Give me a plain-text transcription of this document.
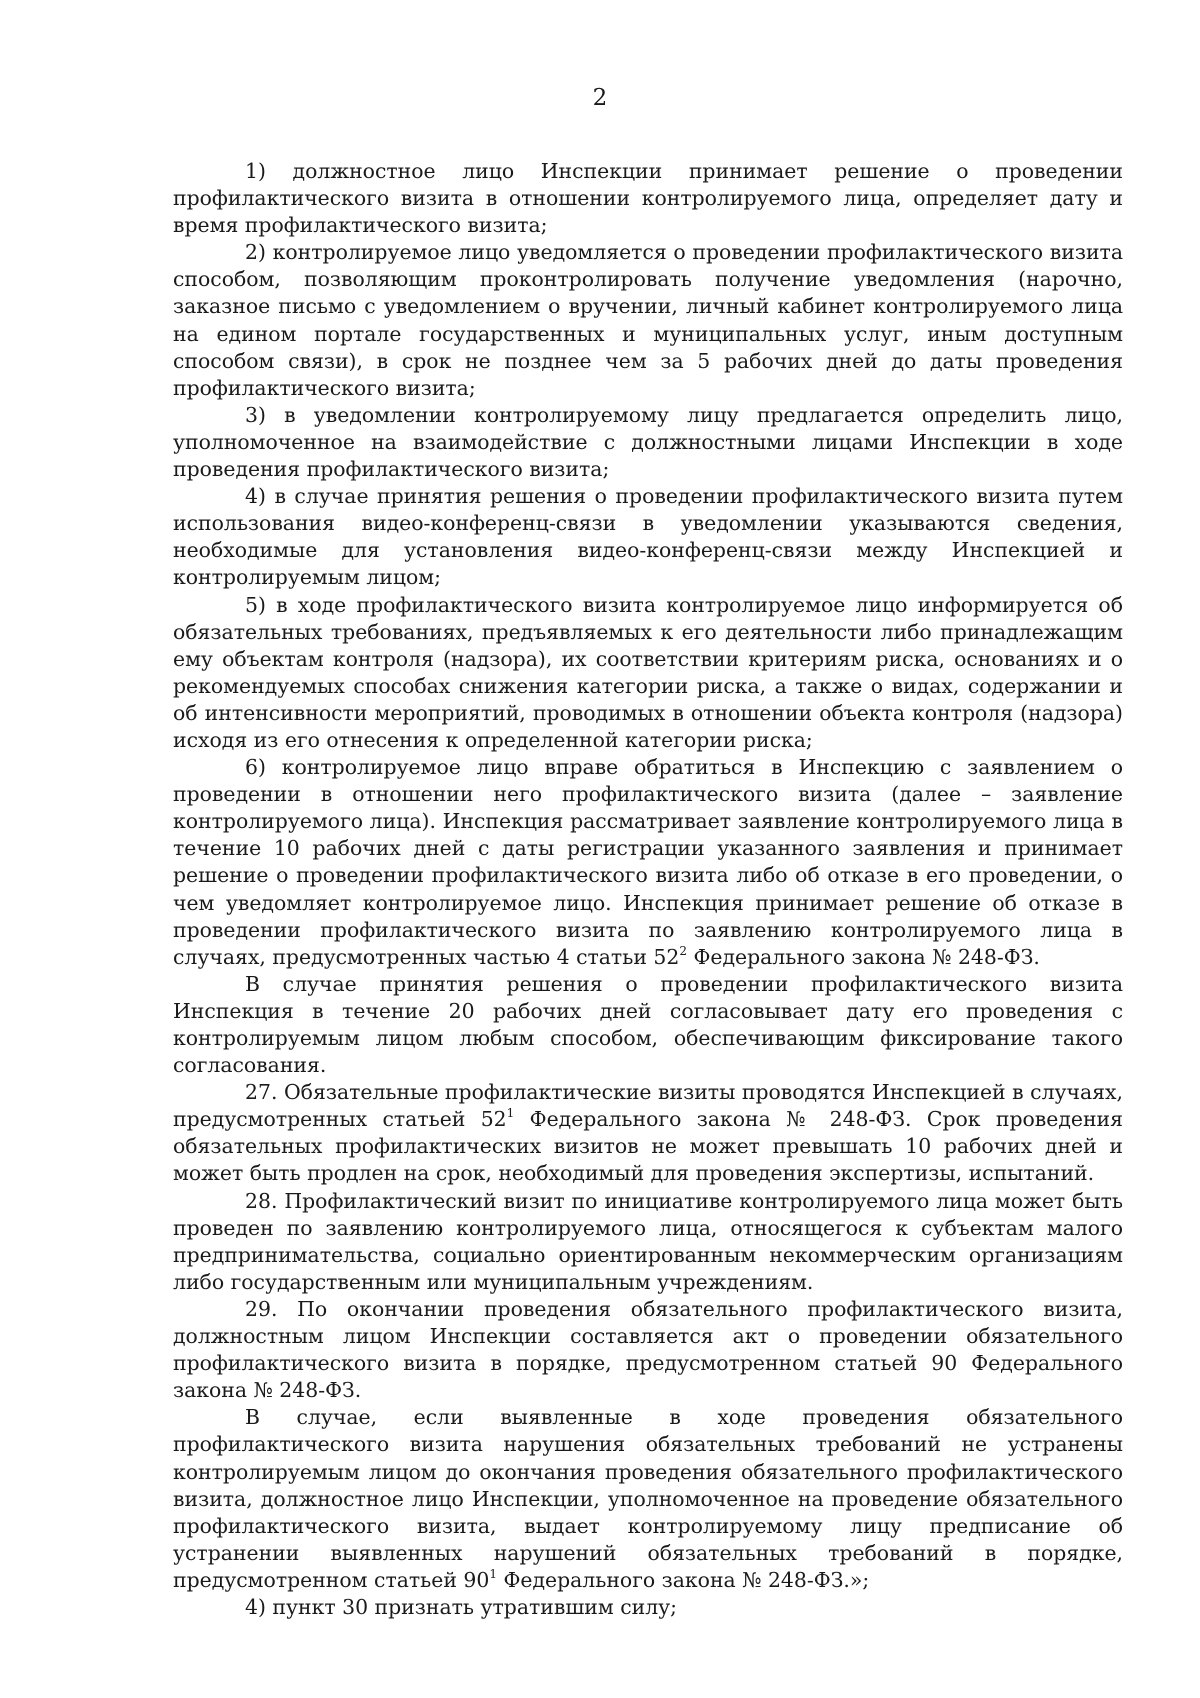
2

1) должностное лицо Инспекции принимает решение о проведении профилактического визита в отношении контролируемого лица, определяет дату и время профилактического визита;

2) контролируемое лицо уведомляется о проведении профилактического визита способом, позволяющим проконтролировать получение уведомления (нарочно, заказное письмо с уведомлением о вручении, личный кабинет контролируемого лица на едином портале государственных и муниципальных услуг, иным доступным способом связи), в срок не позднее чем за 5 рабочих дней до даты проведения профилактического визита;

3) в уведомлении контролируемому лицу предлагается определить лицо, уполномоченное на взаимодействие с должностными лицами Инспекции в ходе проведения профилактического визита;

4) в случае принятия решения о проведении профилактического визита путем использования видео-конференц-связи в уведомлении указываются сведения, необходимые для установления видео-конференц-связи между Инспекцией и контролируемым лицом;

5) в ходе профилактического визита контролируемое лицо информируется об обязательных требованиях, предъявляемых к его деятельности либо принадлежащим ему объектам контроля (надзора), их соответствии критериям риска, основаниях и о рекомендуемых способах снижения категории риска, а также о видах, содержании и об интенсивности мероприятий, проводимых в отношении объекта контроля (надзора) исходя из его отнесения к определенной категории риска;

6) контролируемое лицо вправе обратиться в Инспекцию с заявлением о проведении в отношении него профилактического визита (далее – заявление контролируемого лица). Инспекция рассматривает заявление контролируемого лица в течение 10 рабочих дней с даты регистрации указанного заявления и принимает решение о проведении профилактического визита либо об отказе в его проведении, о чем уведомляет контролируемое лицо. Инспекция принимает решение об отказе в проведении профилактического визита по заявлению контролируемого лица в случаях, предусмотренных частью 4 статьи $52^2$ Федерального закона № 248-ФЗ.

В случае принятия решения о проведении профилактического визита Инспекция в течение 20 рабочих дней согласовывает дату его проведения с контролируемым лицом любым способом, обеспечивающим фиксирование такого согласования.

27. Обязательные профилактические визиты проводятся Инспекцией в случаях, предусмотренных статьей $52^1$ Федерального закона № 248-ФЗ. Срок проведения обязательных профилактических визитов не может превышать 10 рабочих дней и может быть продлен на срок, необходимый для проведения экспертизы, испытаний.

28. Профилактический визит по инициативе контролируемого лица может быть проведен по заявлению контролируемого лица, относящегося к субъектам малого предпринимательства, социально ориентированным некоммерческим организациям либо государственным или муниципальным учреждениям.

29. По окончании проведения обязательного профилактического визита, должностным лицом Инспекции составляется акт о проведении обязательного профилактического визита в порядке, предусмотренном статьей 90 Федерального закона № 248-ФЗ.

В случае, если выявленные в ходе проведения обязательного профилактического визита нарушения обязательных требований не устранены контролируемым лицом до окончания проведения обязательного профилактического визита, должностное лицо Инспекции, уполномоченное на проведение обязательного профилактического визита, выдает контролируемому лицу предписание об устранении выявленных нарушений обязательных требований в порядке, предусмотренном статьей $90^1$ Федерального закона № 248-ФЗ.»;

4) пункт 30 признать утратившим силу;
